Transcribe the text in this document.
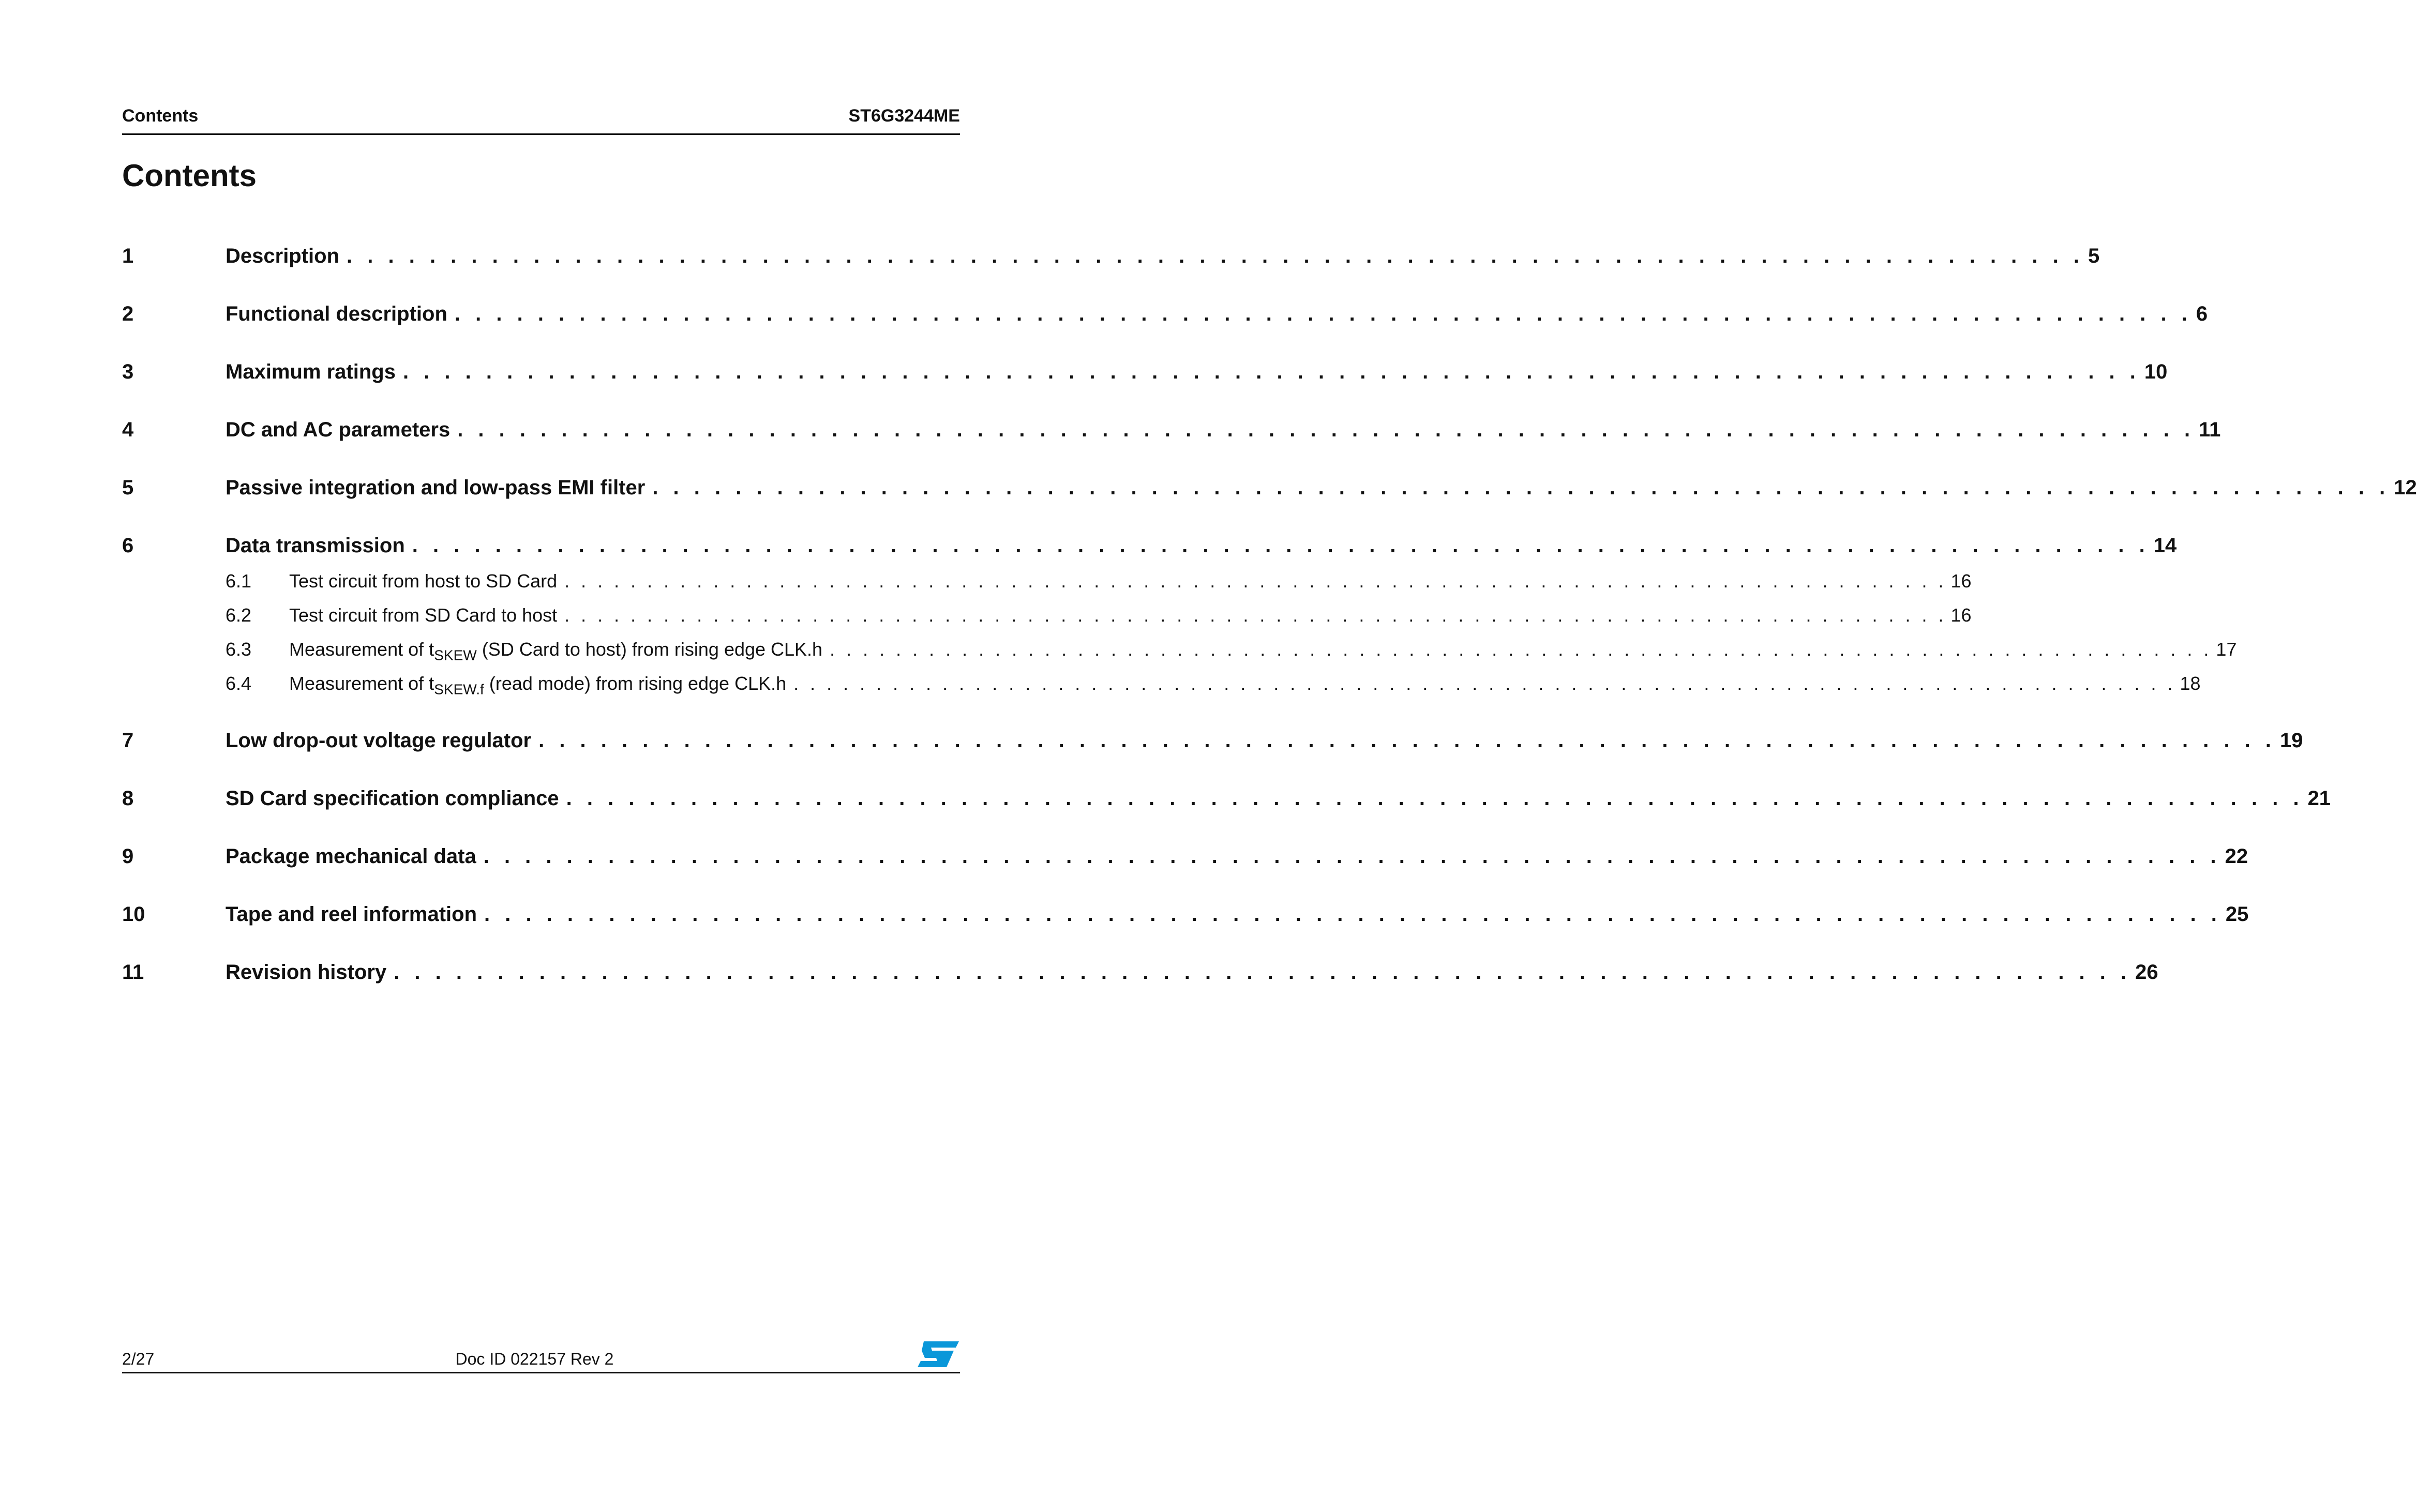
Contents	ST6G3244ME
Contents
1	Description . . . . . . . . . . . . . . . . . . . . . . . . . . . . . . . . . . . . . . . . . . . . . . . . . . . . . . . . . . . . . . . . . . . . . . . . . . . . . . . . . . . . 5
2	Functional description . . . . . . . . . . . . . . . . . . . . . . . . . . . . . . . . . . . . . . . . . . . . . . . . . . . . . . . . . . . . . . . . . . . . . . . . . . . . . . . . . . . . 6
3	Maximum ratings . . . . . . . . . . . . . . . . . . . . . . . . . . . . . . . . . . . . . . . . . . . . . . . . . . . . . . . . . . . . . . . . . . . . . . . . . . . . . . . . . . . . 10
4	DC and AC parameters . . . . . . . . . . . . . . . . . . . . . . . . . . . . . . . . . . . . . . . . . . . . . . . . . . . . . . . . . . . . . . . . . . . . . . . . . . . . . . . . . . . . 11
5	Passive integration and low-pass EMI filter . . . . . . . . . . . . . . . . . . . . . . . . . . . . . . . . . . . . . . . . . . . . . . . . . . . . . . . . . . . . . . . . . . . . . . . . . . . . . . . . . . . . 12
6	Data transmission . . . . . . . . . . . . . . . . . . . . . . . . . . . . . . . . . . . . . . . . . . . . . . . . . . . . . . . . . . . . . . . . . . . . . . . . . . . . . . . . . . . . 14
6.1 Test circuit from host to SD Card . . . . . . . . . . . . . . . . . . . . . . . . . . . . . . . . . . . . . . . . . . . . . . . . . . . . . . . . . . . . . . . . . . . . . . . . . . . . . . . . . . . . 16
6.2 Test circuit from SD Card to host . . . . . . . . . . . . . . . . . . . . . . . . . . . . . . . . . . . . . . . . . . . . . . . . . . . . . . . . . . . . . . . . . . . . . . . . . . . . . . . . . . . . 16
6.3 Measurement of $t_{SKEW}$ (SD Card to host) from rising edge CLK.h . . . . . . . . . . . . . . . . . . . . . . . . . . . . . . . . . . . . . . . . . . . . . . . . . . . . . . . . . . . . . . . . . . . . . . . . . . . . . . . . . . . . 17
6.4 Measurement of $t_{SKEW.f}$ (read mode) from rising edge CLK.h . . . . . . . . . . . . . . . . . . . . . . . . . . . . . . . . . . . . . . . . . . . . . . . . . . . . . . . . . . . . . . . . . . . . . . . . . . . . . . . . . . . . 18
7	Low drop-out voltage regulator . . . . . . . . . . . . . . . . . . . . . . . . . . . . . . . . . . . . . . . . . . . . . . . . . . . . . . . . . . . . . . . . . . . . . . . . . . . . . . . . . . . . 19
8	SD Card specification compliance . . . . . . . . . . . . . . . . . . . . . . . . . . . . . . . . . . . . . . . . . . . . . . . . . . . . . . . . . . . . . . . . . . . . . . . . . . . . . . . . . . . . 21
9	Package mechanical data . . . . . . . . . . . . . . . . . . . . . . . . . . . . . . . . . . . . . . . . . . . . . . . . . . . . . . . . . . . . . . . . . . . . . . . . . . . . . . . . . . . . 22
10	Tape and reel information . . . . . . . . . . . . . . . . . . . . . . . . . . . . . . . . . . . . . . . . . . . . . . . . . . . . . . . . . . . . . . . . . . . . . . . . . . . . . . . . . . . . 25
11	Revision history . . . . . . . . . . . . . . . . . . . . . . . . . . . . . . . . . . . . . . . . . . . . . . . . . . . . . . . . . . . . . . . . . . . . . . . . . . . . . . . . . . . . 26
2/27	Doc ID 022157 Rev 2
